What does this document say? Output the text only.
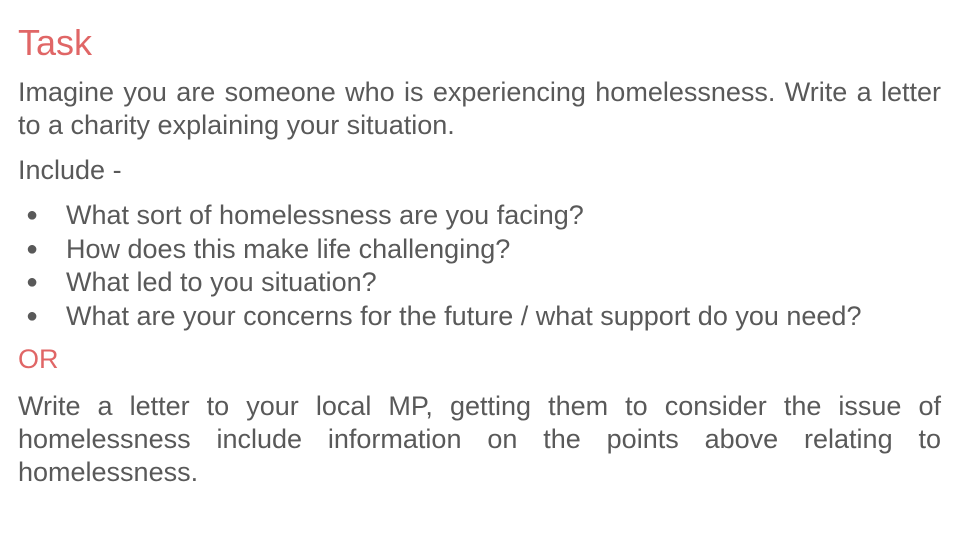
Task

Imagine you are someone who is experiencing homelessness. Write a letter to a charity explaining your situation.

Include -

●	What sort of homelessness are you facing?
●	How does this make life challenging?
●	What led to you situation?
●	What are your concerns for the future / what support do you need?
OR

Write a letter to your local MP, getting them to consider the issue of homelessness include information on the points above relating to homelessness.
